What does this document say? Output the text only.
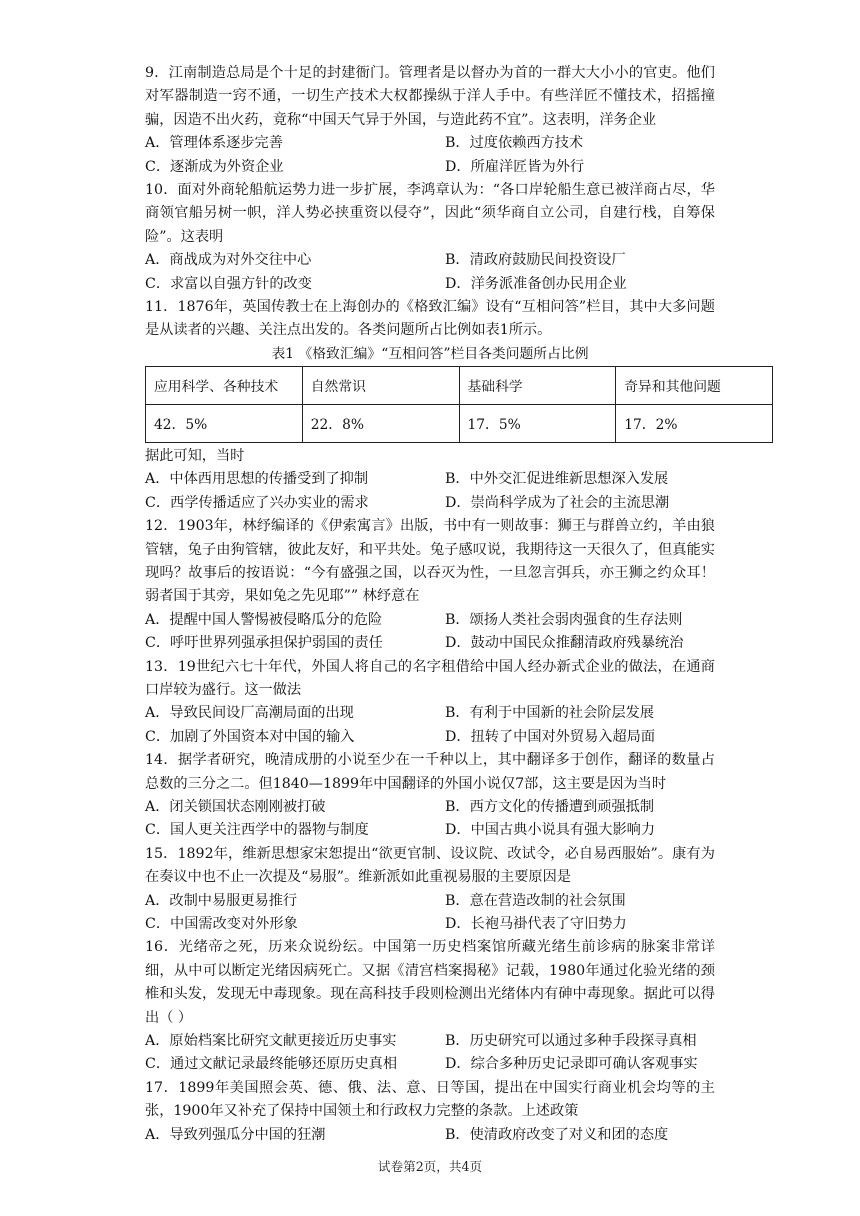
9．江南制造总局是个十足的封建衙门。管理者是以督办为首的一群大大小小的官吏。他们对军器制造一窍不通，一切生产技术大权都操纵于洋人手中。有些洋匠不懂技术，招摇撞骗，因造不出火药，竟称“中国天气异于外国，与造此药不宜”。这表明，洋务企业

A．管理体系逐步完善	B．过度依赖西方技术
C．逐渐成为外资企业	D．所雇洋匠皆为外行

10．面对外商轮船航运势力进一步扩展，李鸿章认为：“各口岸轮船生意已被洋商占尽，华商领官船另树一帜，洋人势必挟重资以侵夺”，因此“须华商自立公司，自建行栈，自筹保险”。这表明

A．商战成为对外交往中心	B．清政府鼓励民间投资设厂
C．求富以自强方针的改变	D．洋务派准备创办民用企业

11．1876年，英国传教士在上海创办的《格致汇编》设有“互相问答”栏目，其中大多问题是从读者的兴趣、关注点出发的。各类问题所占比例如表1所示。

表1 《格致汇编》“互相问答”栏目各类问题所占比例
应用科学、各种技术	自然常识	基础科学	奇异和其他问题
42．5%	22．8%	17．5%	17．2%

据此可知，当时

A．中体西用思想的传播受到了抑制	B．中外交汇促进维新思想深入发展
C．西学传播适应了兴办实业的需求	D．崇尚科学成为了社会的主流思潮

12．1903年，林纾编译的《伊索寓言》出版，书中有一则故事：狮王与群兽立约，羊由狼管辖，兔子由狗管辖，彼此友好，和平共处。兔子感叹说，我期待这一天很久了，但真能实现吗？故事后的按语说：“今有盛强之国，以吞灭为性，一旦忽言弭兵，亦王狮之约众耳！弱者国于其旁，果如兔之先见耶”” 林纾意在

A．提醒中国人警惕被侵略瓜分的危险	B．颂扬人类社会弱肉强食的生存法则
C．呼吁世界列强承担保护弱国的责任	D．鼓动中国民众推翻清政府残暴统治

13．19世纪六七十年代，外国人将自己的名字租借给中国人经办新式企业的做法，在通商口岸较为盛行。这一做法

A．导致民间设厂高潮局面的出现	B．有利于中国新的社会阶层发展
C．加剧了外国资本对中国的输入	D．扭转了中国对外贸易入超局面

14．据学者研究，晚清成册的小说至少在一千种以上，其中翻译多于创作，翻译的数量占总数的三分之二。但1840—1899年中国翻译的外国小说仅7部，这主要是因为当时

A．闭关锁国状态刚刚被打破	B．西方文化的传播遭到顽强抵制
C．国人更关注西学中的器物与制度	D．中国古典小说具有强大影响力

15．1892年，维新思想家宋恕提出“欲更官制、设议院、改试令，必自易西服始”。康有为在奏议中也不止一次提及“易服”。维新派如此重视易服的主要原因是

A．改制中易服更易推行	B．意在营造改制的社会氛围
C．中国需改变对外形象	D．长袍马褂代表了守旧势力

16．光绪帝之死，历来众说纷纭。中国第一历史档案馆所藏光绪生前诊病的脉案非常详细，从中可以断定光绪因病死亡。又据《清宫档案揭秘》记载，1980年通过化验光绪的颈椎和头发，发现无中毒现象。现在高科技手段则检测出光绪体内有砷中毒现象。据此可以得出（ ）

A．原始档案比研究文献更接近历史事实	B．历史研究可以通过多种手段探寻真相
C．通过文献记录最终能够还原历史真相	D．综合多种历史记录即可确认客观事实

17．1899年美国照会英、德、俄、法、意、日等国，提出在中国实行商业机会均等的主张，1900年又补充了保持中国领土和行政权力完整的条款。上述政策

A．导致列强瓜分中国的狂潮	B．使清政府改变了对义和团的态度
试卷第2页，共4页
